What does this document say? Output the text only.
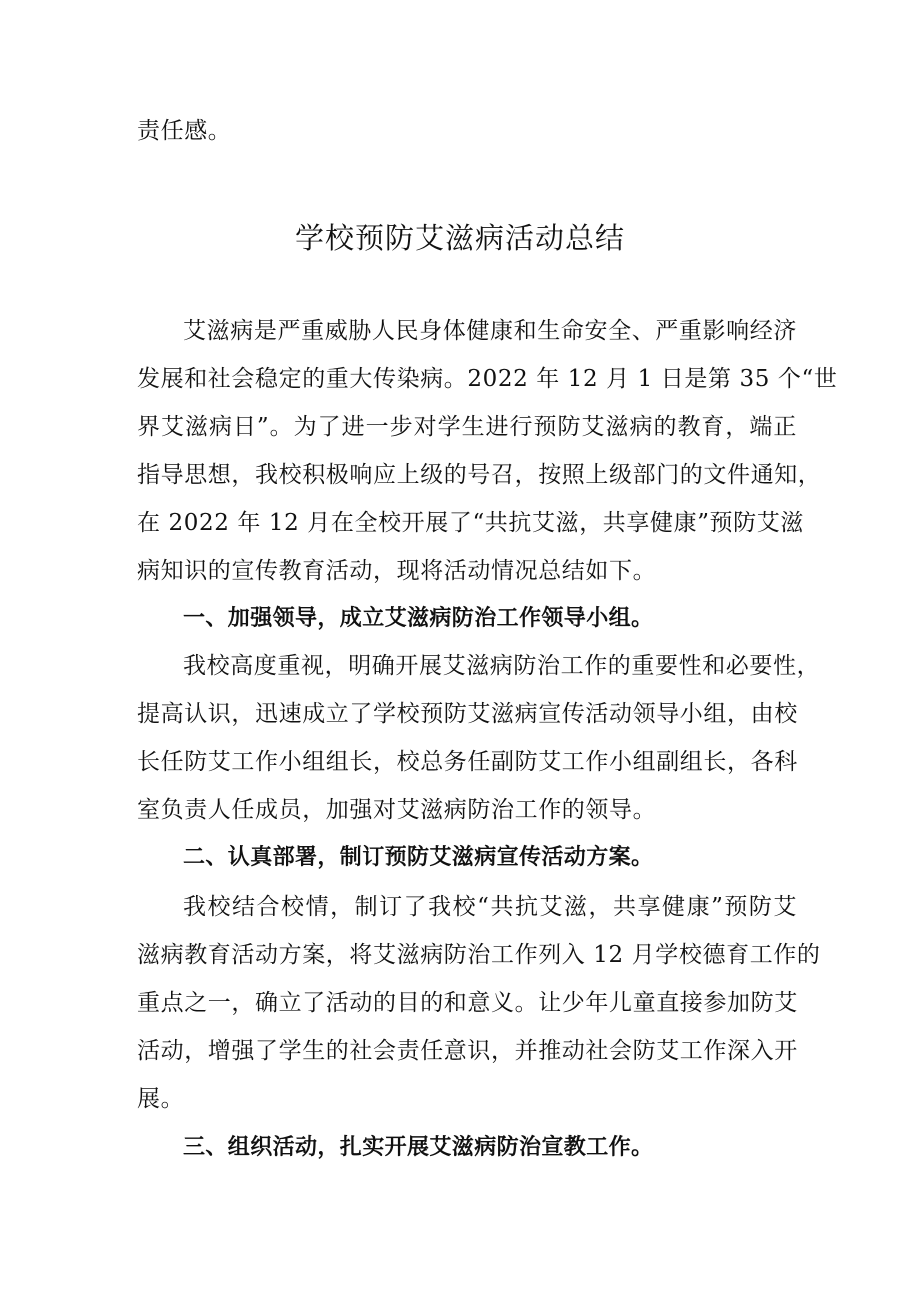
责任感。
学校预防艾滋病活动总结
艾滋病是严重威胁人民身体健康和生命安全、严重影响经济
发展和社会稳定的重大传染病。2022 年 12 月 1 日是第 35 个“世
界艾滋病日”。为了进一步对学生进行预防艾滋病的教育，端正
指导思想，我校积极响应上级的号召，按照上级部门的文件通知，
在 2022 年 12 月在全校开展了“共抗艾滋，共享健康”预防艾滋
病知识的宣传教育活动，现将活动情况总结如下。
一、加强领导，成立艾滋病防治工作领导小组。
我校高度重视，明确开展艾滋病防治工作的重要性和必要性，
提高认识，迅速成立了学校预防艾滋病宣传活动领导小组，由校
长任防艾工作小组组长，校总务任副防艾工作小组副组长，各科
室负责人任成员，加强对艾滋病防治工作的领导。
二、认真部署，制订预防艾滋病宣传活动方案。
我校结合校情，制订了我校“共抗艾滋，共享健康”预防艾
滋病教育活动方案，将艾滋病防治工作列入 12 月学校德育工作的
重点之一，确立了活动的目的和意义。让少年儿童直接参加防艾
活动，增强了学生的社会责任意识，并推动社会防艾工作深入开
展。
三、组织活动，扎实开展艾滋病防治宣教工作。
